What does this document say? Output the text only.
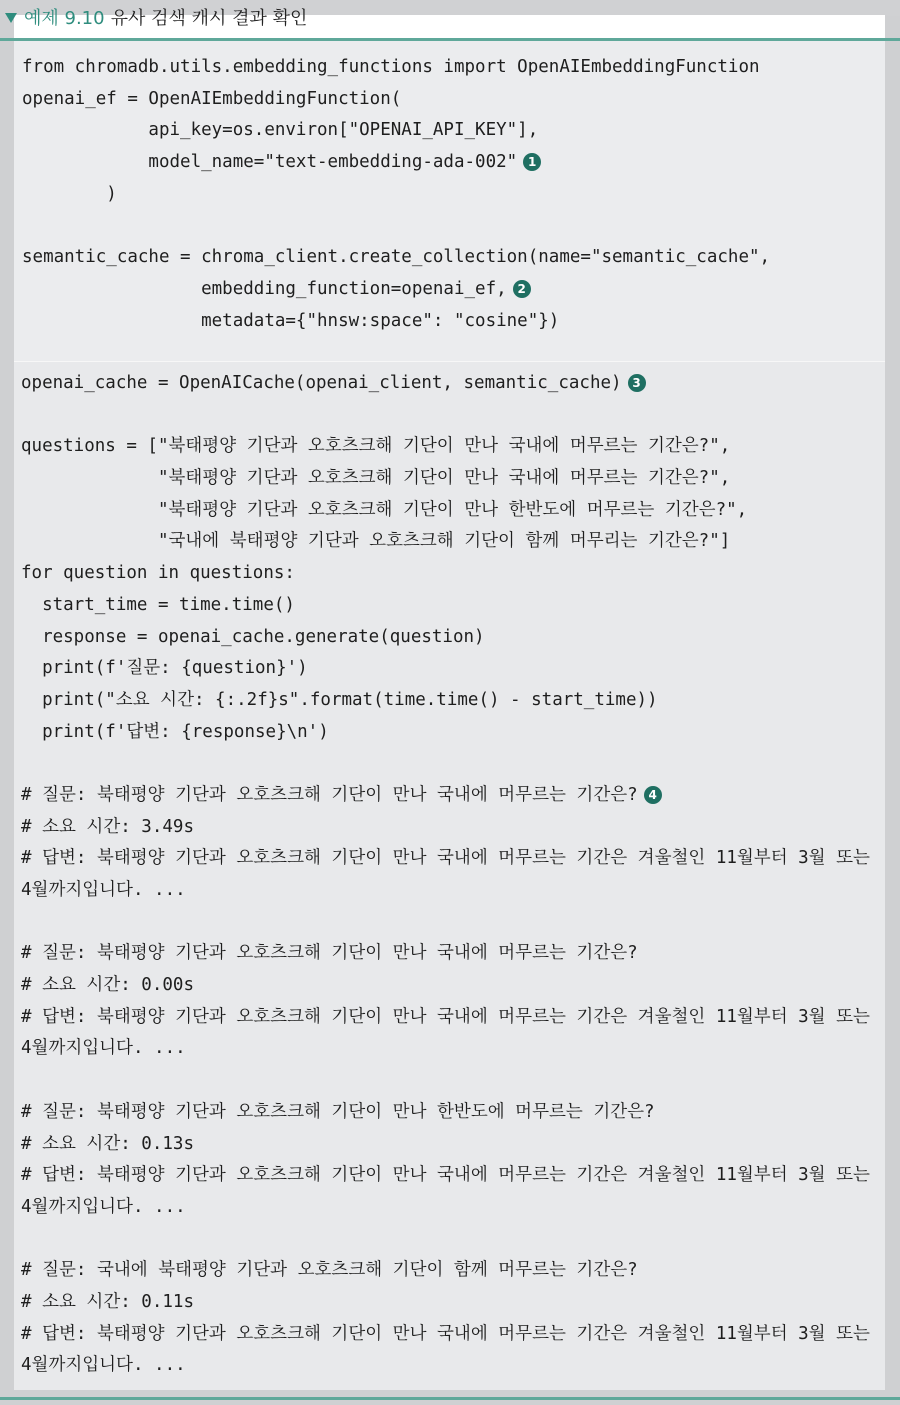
예제 9.10 유사 검색 캐시 결과 확인
from chromadb.utils.embedding_functions import OpenAIEmbeddingFunction
openai_ef = OpenAIEmbeddingFunction(
api_key=os.environ["OPENAI_API_KEY"],
model_name="text-embedding-ada-002" 1
)
semantic_cache = chroma_client.create_collection(name="semantic_cache",
embedding_function=openai_ef, 2
metadata={"hnsw:space": "cosine"})
openai_cache = OpenAICache(openai_client, semantic_cache) 3
questions = ["북태평양 기단과 오호츠크해 기단이 만나 국내에 머무르는 기간은?",
"북태평양 기단과 오호츠크해 기단이 만나 국내에 머무르는 기간은?",
"북태평양 기단과 오호츠크해 기단이 만나 한반도에 머무르는 기간은?",
"국내에 북태평양 기단과 오호츠크해 기단이 함께 머무리는 기간은?"]
for question in questions:
start_time = time.time()
response = openai_cache.generate(question)
print(f'질문: {question}')
print("소요 시간: {:.2f}s".format(time.time() - start_time))
print(f'답변: {response}\n')
# 질문: 북태평양 기단과 오호츠크해 기단이 만나 국내에 머무르는 기간은? 4
# 소요 시간: 3.49s
# 답변: 북태평양 기단과 오호츠크해 기단이 만나 국내에 머무르는 기간은 겨울철인 11월부터 3월 또는
4월까지입니다. ...
# 질문: 북태평양 기단과 오호츠크해 기단이 만나 국내에 머무르는 기간은?
# 소요 시간: 0.00s
# 답변: 북태평양 기단과 오호츠크해 기단이 만나 국내에 머무르는 기간은 겨울철인 11월부터 3월 또는
4월까지입니다. ...
# 질문: 북태평양 기단과 오호츠크해 기단이 만나 한반도에 머무르는 기간은?
# 소요 시간: 0.13s
# 답변: 북태평양 기단과 오호츠크해 기단이 만나 국내에 머무르는 기간은 겨울철인 11월부터 3월 또는
4월까지입니다. ...
# 질문: 국내에 북태평양 기단과 오호츠크해 기단이 함께 머무르는 기간은?
# 소요 시간: 0.11s
# 답변: 북태평양 기단과 오호츠크해 기단이 만나 국내에 머무르는 기간은 겨울철인 11월부터 3월 또는
4월까지입니다. ...
